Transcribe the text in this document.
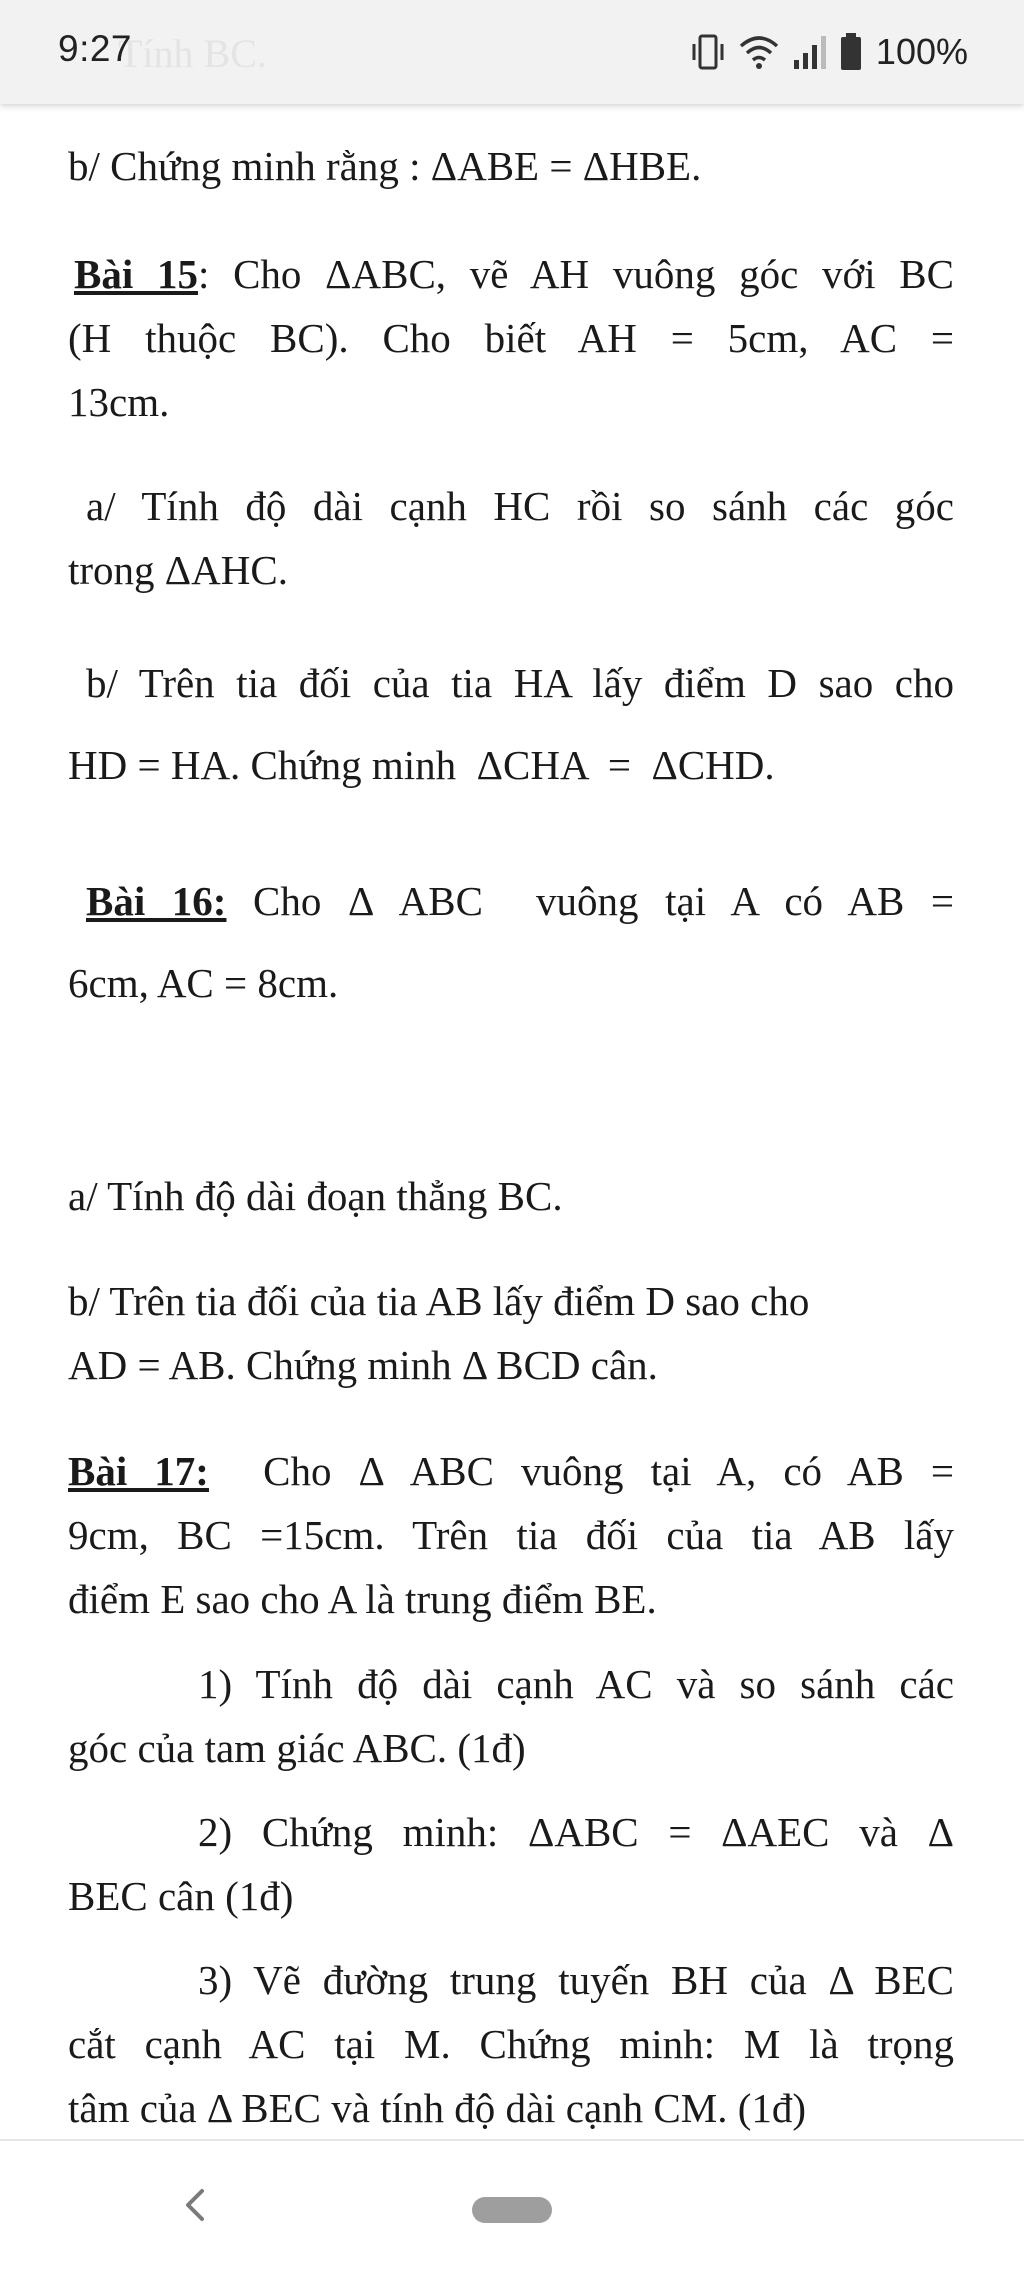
Tính BC.
9:27	100%
b/ Chứng minh rằng : ΔABE = ΔHBE.
Bài 15: Cho ΔABC, vẽ AH vuông góc với BC
(H thuộc BC). Cho biết AH = 5cm, AC =
13cm.
a/ Tính độ dài cạnh HC rồi so sánh các góc
trong ΔAHC.
b/ Trên tia đối của tia HA lấy điểm D sao cho
HD = HA. Chứng minh  ΔCHA  =  ΔCHD.
Bài 16: Cho Δ ABC  vuông tại A có AB =
6cm, AC = 8cm.
a/ Tính độ dài đoạn thẳng BC.
b/ Trên tia đối của tia AB lấy điểm D sao cho
AD = AB. Chứng minh Δ BCD cân.
Bài 17:  Cho Δ ABC vuông tại A, có AB =
9cm, BC =15cm. Trên tia đối của tia AB lấy
điểm E sao cho A là trung điểm BE.
1) Tính độ dài cạnh AC và so sánh các
góc của tam giác ABC. (1đ)
2) Chứng minh: ΔABC = ΔAEC và Δ
BEC cân (1đ)
3) Vẽ đường trung tuyến BH của Δ BEC
cắt cạnh AC tại M. Chứng minh: M là trọng
tâm của Δ BEC và tính độ dài cạnh CM. (1đ)
